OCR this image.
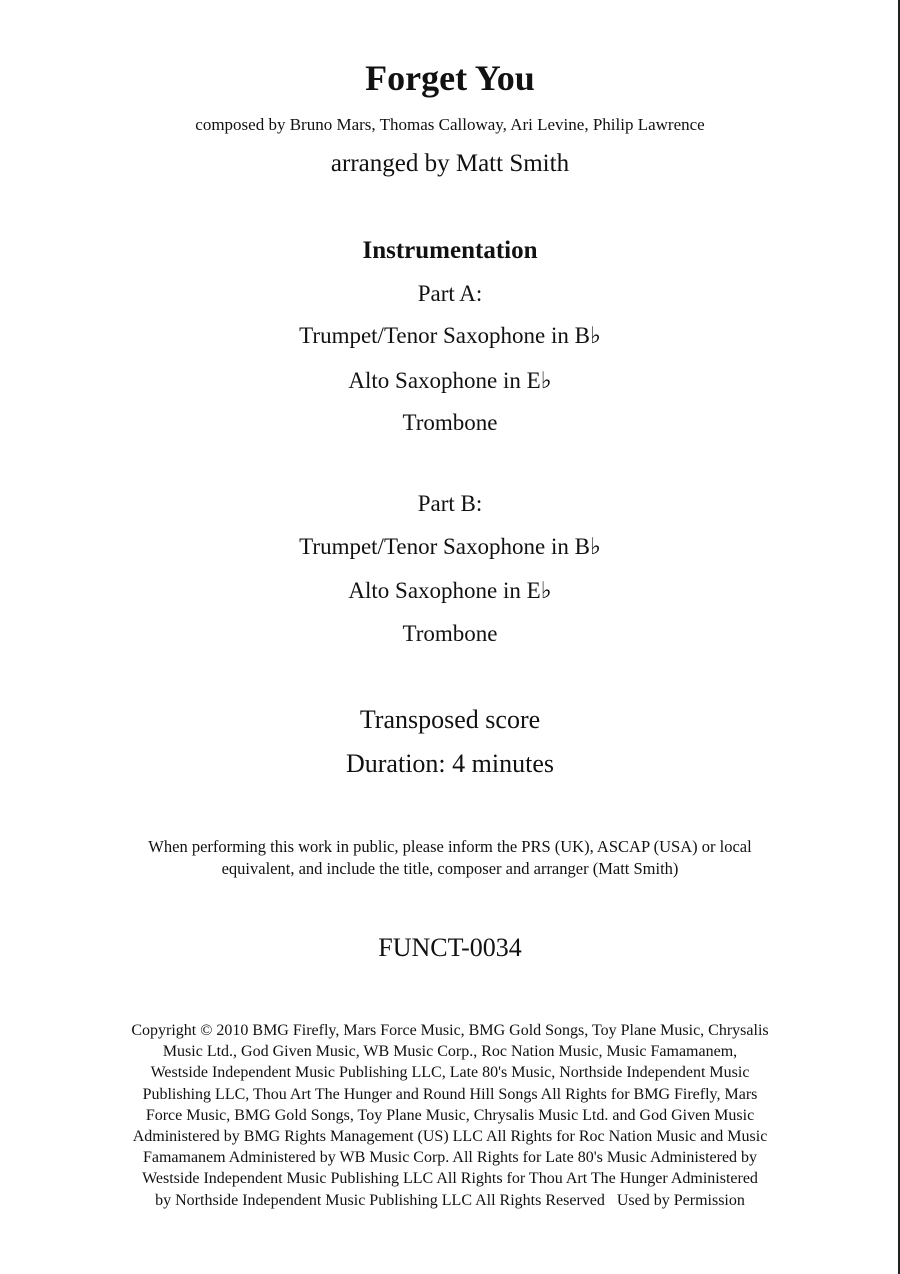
Forget You
composed by Bruno Mars, Thomas Calloway, Ari Levine, Philip Lawrence
arranged by Matt Smith
Instrumentation
Part A:
Trumpet/Tenor Saxophone in B♭
Alto Saxophone in E♭
Trombone
Part B:
Trumpet/Tenor Saxophone in B♭
Alto Saxophone in E♭
Trombone
Transposed score
Duration: 4 minutes
When performing this work in public, please inform the PRS (UK), ASCAP (USA) or local
equivalent, and include the title, composer and arranger (Matt Smith)
FUNCT-0034
Copyright © 2010 BMG Firefly, Mars Force Music, BMG Gold Songs, Toy Plane Music, Chrysalis
Music Ltd., God Given Music, WB Music Corp., Roc Nation Music, Music Famamanem,
Westside Independent Music Publishing LLC, Late 80's Music, Northside Independent Music
Publishing LLC, Thou Art The Hunger and Round Hill Songs All Rights for BMG Firefly, Mars
Force Music, BMG Gold Songs, Toy Plane Music, Chrysalis Music Ltd. and God Given Music
Administered by BMG Rights Management (US) LLC All Rights for Roc Nation Music and Music
Famamanem Administered by WB Music Corp. All Rights for Late 80's Music Administered by
Westside Independent Music Publishing LLC All Rights for Thou Art The Hunger Administered
by Northside Independent Music Publishing LLC All Rights Reserved   Used by Permission
